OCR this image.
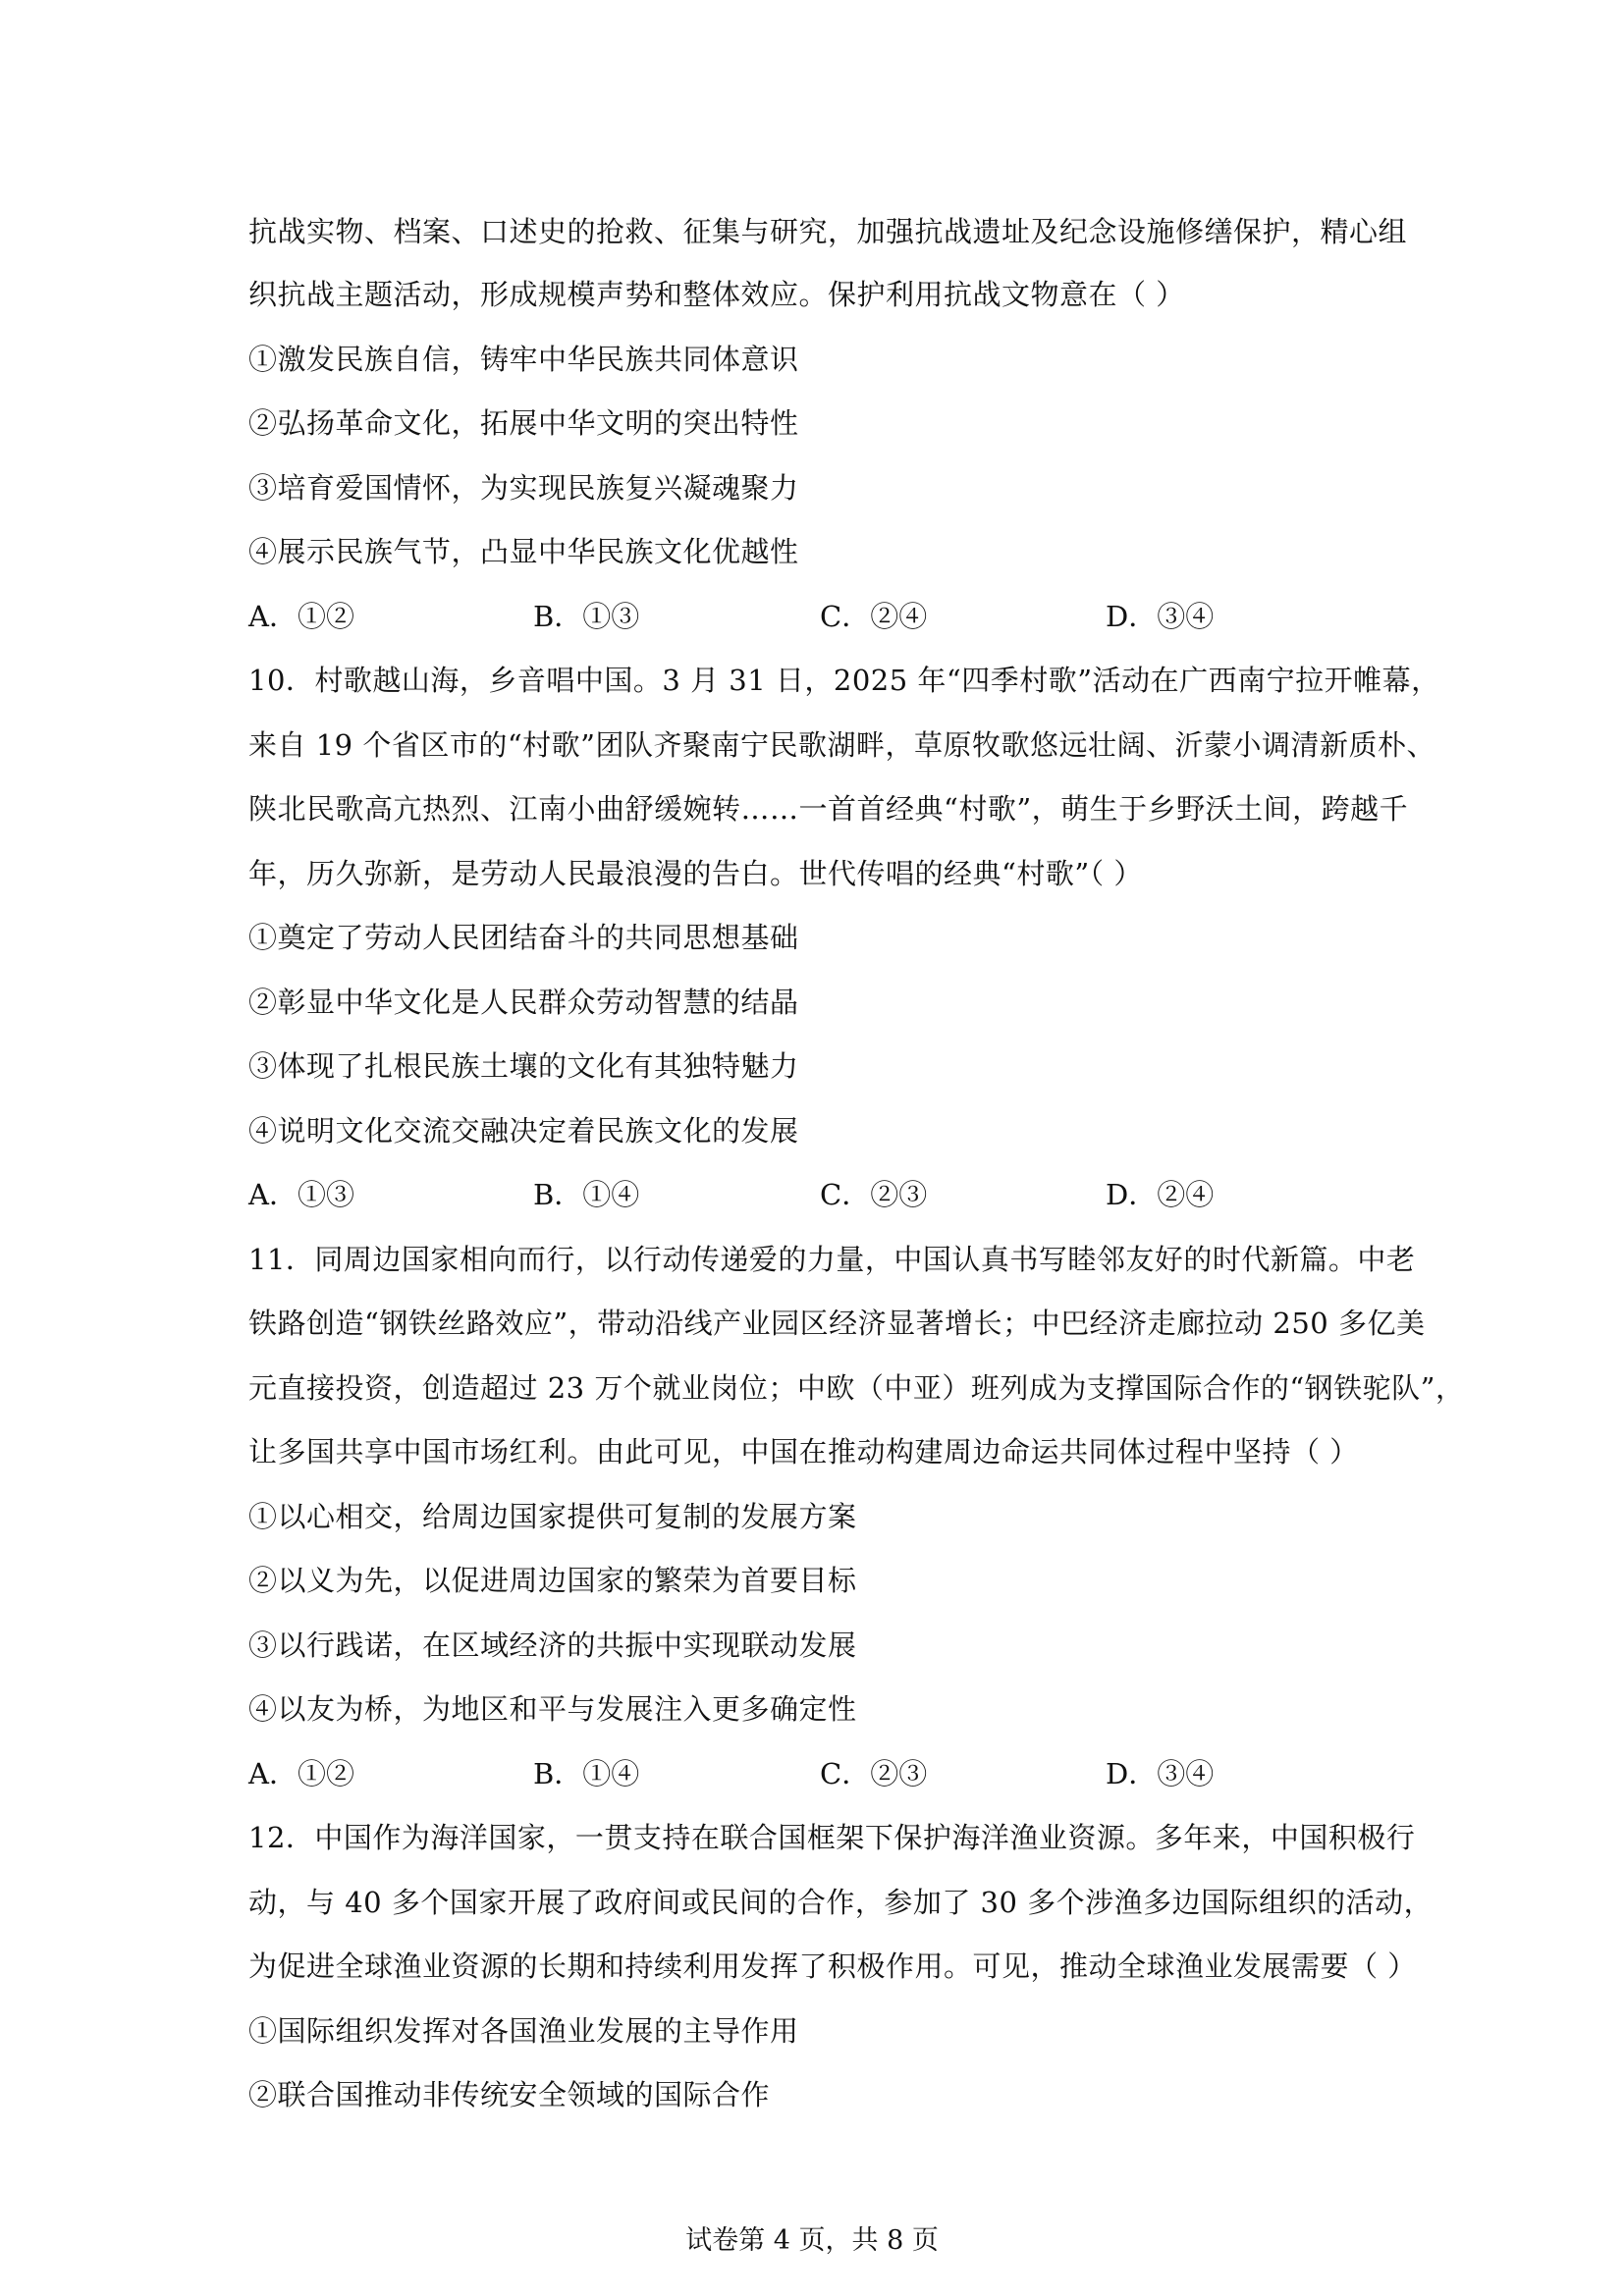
抗战实物、档案、口述史的抢救、征集与研究，加强抗战遗址及纪念设施修缮保护，精心组
织抗战主题活动，形成规模声势和整体效应。保护利用抗战文物意在（ ）
①激发民族自信，铸牢中华民族共同体意识
②弘扬革命文化，拓展中华文明的突出特性
③培育爱国情怀，为实现民族复兴凝魂聚力
④展示民族气节，凸显中华民族文化优越性
A．①②	B．①③	C．②④	D．③④
10．村歌越山海，乡音唱中国。3 月 31 日，2025 年“四季村歌”活动在广西南宁拉开帷幕，
来自 19 个省区市的“村歌”团队齐聚南宁民歌湖畔，草原牧歌悠远壮阔、沂蒙小调清新质朴、
陕北民歌高亢热烈、江南小曲舒缓婉转……一首首经典“村歌”，萌生于乡野沃土间，跨越千
年，历久弥新，是劳动人民最浪漫的告白。世代传唱的经典“村歌”（ ）
①奠定了劳动人民团结奋斗的共同思想基础
②彰显中华文化是人民群众劳动智慧的结晶
③体现了扎根民族土壤的文化有其独特魅力
④说明文化交流交融决定着民族文化的发展
A．①③	B．①④	C．②③	D．②④
11．同周边国家相向而行，以行动传递爱的力量，中国认真书写睦邻友好的时代新篇。中老
铁路创造“钢铁丝路效应”，带动沿线产业园区经济显著增长；中巴经济走廊拉动 250 多亿美
元直接投资，创造超过 23 万个就业岗位；中欧（中亚）班列成为支撑国际合作的“钢铁驼队”，
让多国共享中国市场红利。由此可见，中国在推动构建周边命运共同体过程中坚持（ ）
①以心相交，给周边国家提供可复制的发展方案
②以义为先，以促进周边国家的繁荣为首要目标
③以行践诺，在区域经济的共振中实现联动发展
④以友为桥，为地区和平与发展注入更多确定性
A．①②	B．①④	C．②③	D．③④
12．中国作为海洋国家，一贯支持在联合国框架下保护海洋渔业资源。多年来，中国积极行
动，与 40 多个国家开展了政府间或民间的合作，参加了 30 多个涉渔多边国际组织的活动，
为促进全球渔业资源的长期和持续利用发挥了积极作用。可见，推动全球渔业发展需要（ ）
①国际组织发挥对各国渔业发展的主导作用
②联合国推动非传统安全领域的国际合作
试卷第 4 页，共 8 页
